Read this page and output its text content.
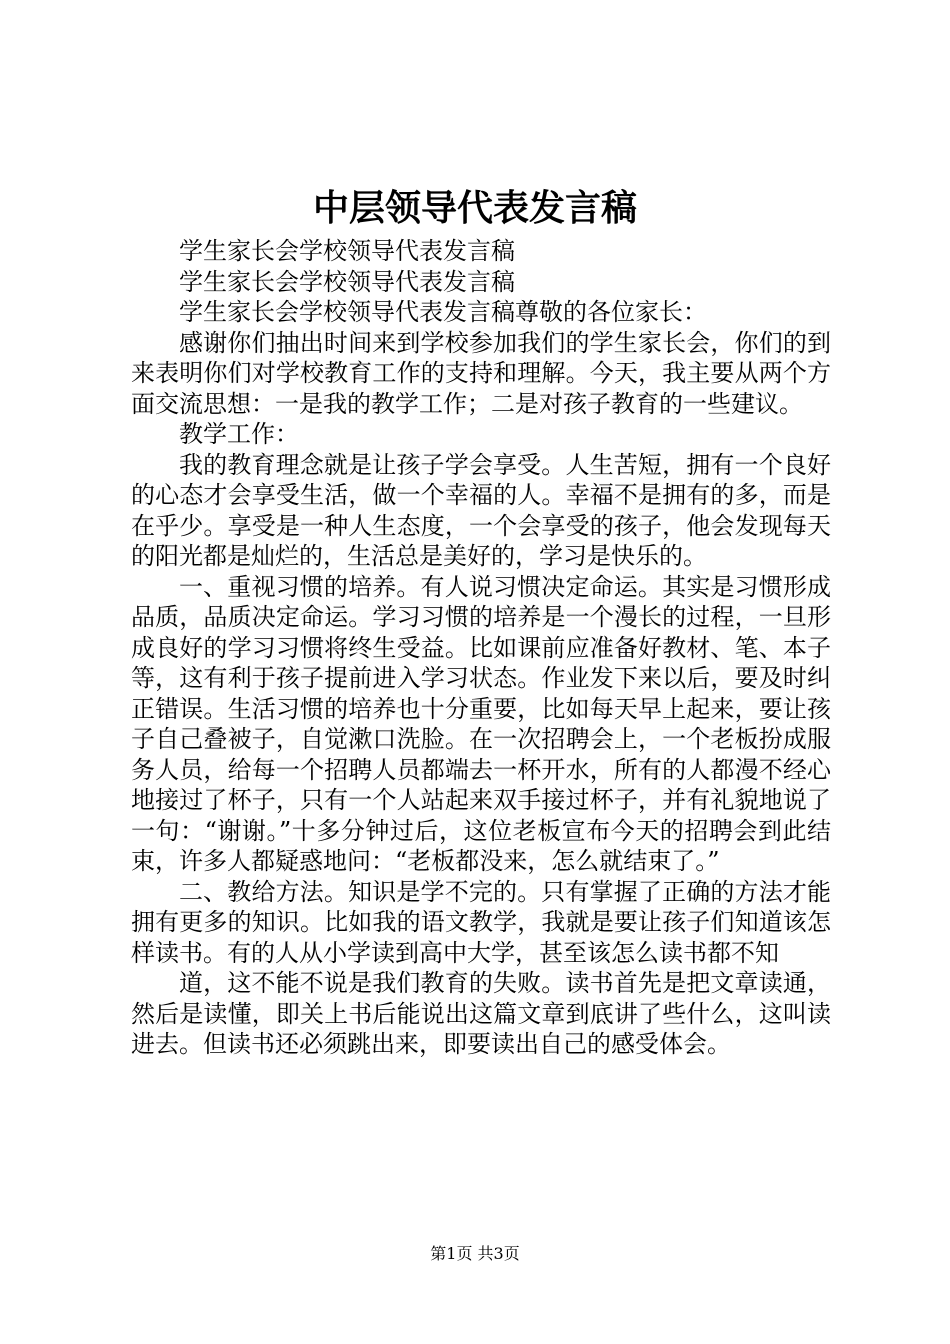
中层领导代表发言稿

学生家长会学校领导代表发言稿

学生家长会学校领导代表发言稿

学生家长会学校领导代表发言稿尊敬的各位家长：

感谢你们抽出时间来到学校参加我们的学生家长会，你们的到来表明你们对学校教育工作的支持和理解。今天，我主要从两个方面交流思想：一是我的教学工作；二是对孩子教育的一些建议。

教学工作：

我的教育理念就是让孩子学会享受。人生苦短，拥有一个良好的心态才会享受生活，做一个幸福的人。幸福不是拥有的多，而是在乎少。享受是一种人生态度，一个会享受的孩子，他会发现每天的阳光都是灿烂的，生活总是美好的，学习是快乐的。

一、重视习惯的培养。有人说习惯决定命运。其实是习惯形成品质，品质决定命运。学习习惯的培养是一个漫长的过程，一旦形成良好的学习习惯将终生受益。比如课前应准备好教材、笔、本子等，这有利于孩子提前进入学习状态。作业发下来以后，要及时纠正错误。生活习惯的培养也十分重要，比如每天早上起来，要让孩子自己叠被子，自觉漱口洗脸。在一次招聘会上，一个老板扮成服务人员，给每一个招聘人员都端去一杯开水，所有的人都漫不经心地接过了杯子，只有一个人站起来双手接过杯子，并有礼貌地说了一句：“谢谢。”十多分钟过后，这位老板宣布今天的招聘会到此结束，许多人都疑惑地问：“老板都没来，怎么就结束了。”

二、教给方法。知识是学不完的。只有掌握了正确的方法才能拥有更多的知识。比如我的语文教学，我就是要让孩子们知道该怎样读书。有的人从小学读到高中大学，甚至该怎么读书都不知

道，这不能不说是我们教育的失败。读书首先是把文章读通，然后是读懂，即关上书后能说出这篇文章到底讲了些什么，这叫读进去。但读书还必须跳出来，即要读出自己的感受体会。

第1页 共3页
